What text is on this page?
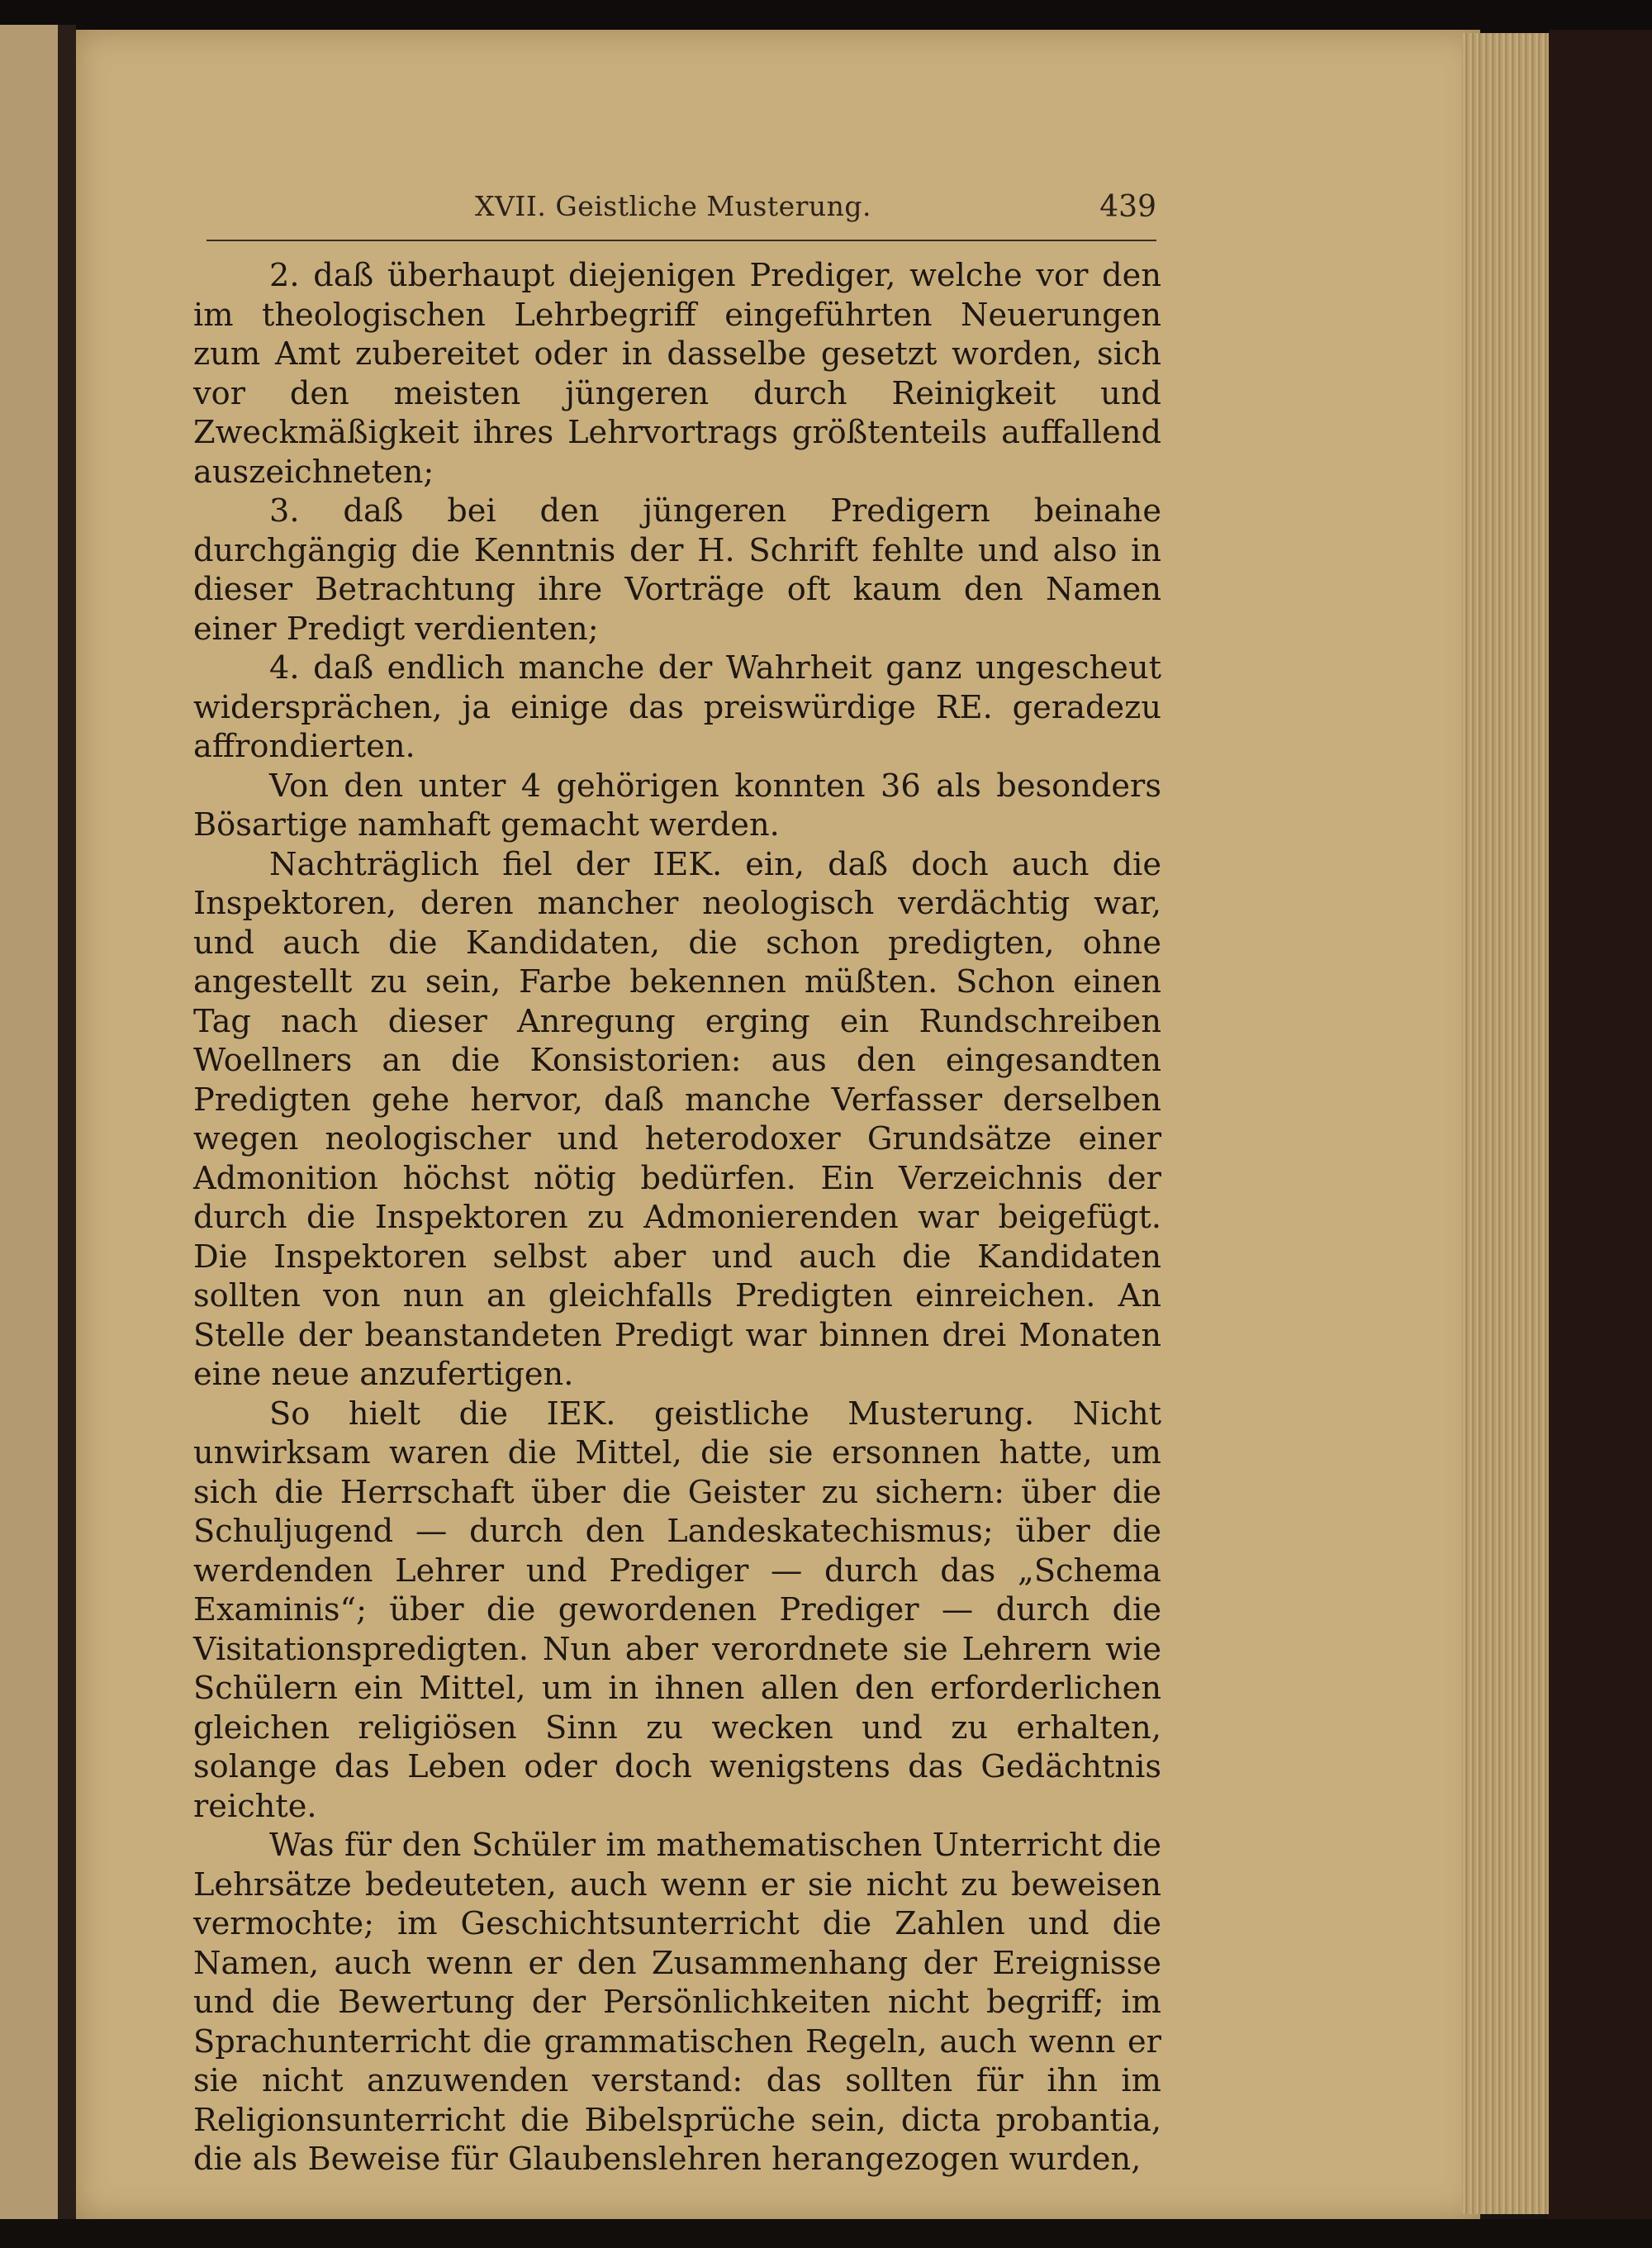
XVII. Geistliche Musterung.	439

2. daß überhaupt diejenigen Prediger, welche vor den im theologischen Lehrbegriff eingeführten Neuerungen zum Amt zubereitet oder in dasselbe gesetzt worden, sich vor den meisten jüngeren durch Reinigkeit und Zweckmäßigkeit ihres Lehrvortrags größtenteils auffallend auszeichneten;

3. daß bei den jüngeren Predigern beinahe durchgängig die Kenntnis der H. Schrift fehlte und also in dieser Betrachtung ihre Vorträge oft kaum den Namen einer Predigt verdienten;

4. daß endlich manche der Wahrheit ganz ungescheut widersprächen, ja einige das preiswürdige RE. geradezu affrondierten.

Von den unter 4 gehörigen konnten 36 als besonders Bösartige namhaft gemacht werden.

Nachträglich fiel der IEK. ein, daß doch auch die Inspektoren, deren mancher neologisch verdächtig war, und auch die Kandidaten, die schon predigten, ohne angestellt zu sein, Farbe bekennen müßten. Schon einen Tag nach dieser Anregung erging ein Rundschreiben Woellners an die Konsistorien: aus den eingesandten Predigten gehe hervor, daß manche Verfasser derselben wegen neologischer und heterodoxer Grundsätze einer Admonition höchst nötig bedürfen. Ein Verzeichnis der durch die Inspektoren zu Admonierenden war beigefügt. Die Inspektoren selbst aber und auch die Kandidaten sollten von nun an gleichfalls Predigten einreichen. An Stelle der beanstandeten Predigt war binnen drei Monaten eine neue anzufertigen.

So hielt die IEK. geistliche Musterung. Nicht unwirksam waren die Mittel, die sie ersonnen hatte, um sich die Herrschaft über die Geister zu sichern: über die Schuljugend — durch den Landeskatechismus; über die werdenden Lehrer und Prediger — durch das „Schema Examinis“; über die gewordenen Prediger — durch die Visitationspredigten. Nun aber verordnete sie Lehrern wie Schülern ein Mittel, um in ihnen allen den erforderlichen gleichen religiösen Sinn zu wecken und zu erhalten, solange das Leben oder doch wenigstens das Gedächtnis reichte.

Was für den Schüler im mathematischen Unterricht die Lehrsätze bedeuteten, auch wenn er sie nicht zu beweisen vermochte; im Geschichtsunterricht die Zahlen und die Namen, auch wenn er den Zusammenhang der Ereignisse und die Bewertung der Persönlichkeiten nicht begriff; im Sprachunterricht die grammatischen Regeln, auch wenn er sie nicht anzuwenden verstand: das sollten für ihn im Religionsunterricht die Bibelsprüche sein, dicta probantia, die als Beweise für Glaubenslehren herangezogen wurden,
